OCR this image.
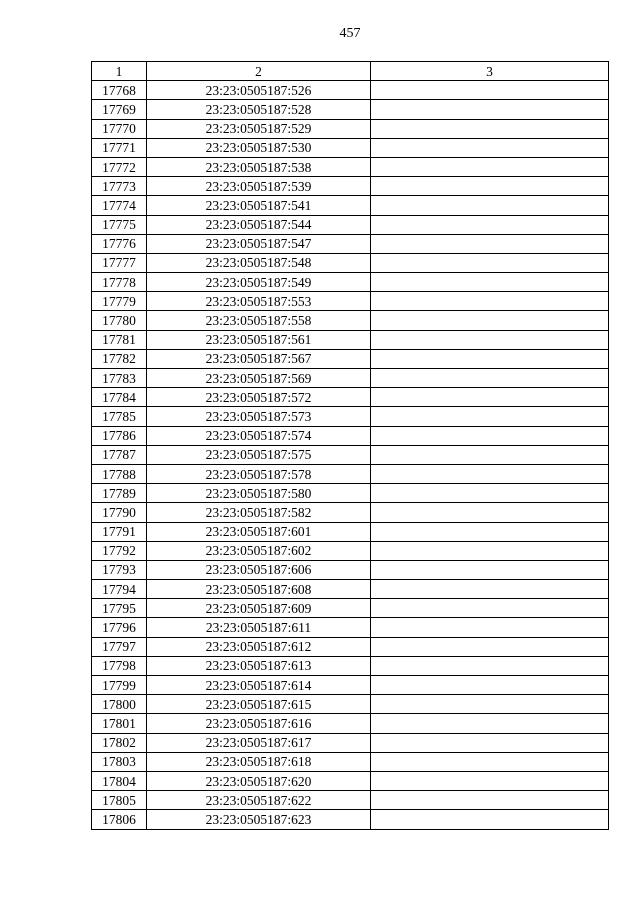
457
1	2	3
17768	23:23:0505187:526	
17769	23:23:0505187:528	
17770	23:23:0505187:529	
17771	23:23:0505187:530	
17772	23:23:0505187:538	
17773	23:23:0505187:539	
17774	23:23:0505187:541	
17775	23:23:0505187:544	
17776	23:23:0505187:547	
17777	23:23:0505187:548	
17778	23:23:0505187:549	
17779	23:23:0505187:553	
17780	23:23:0505187:558	
17781	23:23:0505187:561	
17782	23:23:0505187:567	
17783	23:23:0505187:569	
17784	23:23:0505187:572	
17785	23:23:0505187:573	
17786	23:23:0505187:574	
17787	23:23:0505187:575	
17788	23:23:0505187:578	
17789	23:23:0505187:580	
17790	23:23:0505187:582	
17791	23:23:0505187:601	
17792	23:23:0505187:602	
17793	23:23:0505187:606	
17794	23:23:0505187:608	
17795	23:23:0505187:609	
17796	23:23:0505187:611	
17797	23:23:0505187:612	
17798	23:23:0505187:613	
17799	23:23:0505187:614	
17800	23:23:0505187:615	
17801	23:23:0505187:616	
17802	23:23:0505187:617	
17803	23:23:0505187:618	
17804	23:23:0505187:620	
17805	23:23:0505187:622	
17806	23:23:0505187:623	
